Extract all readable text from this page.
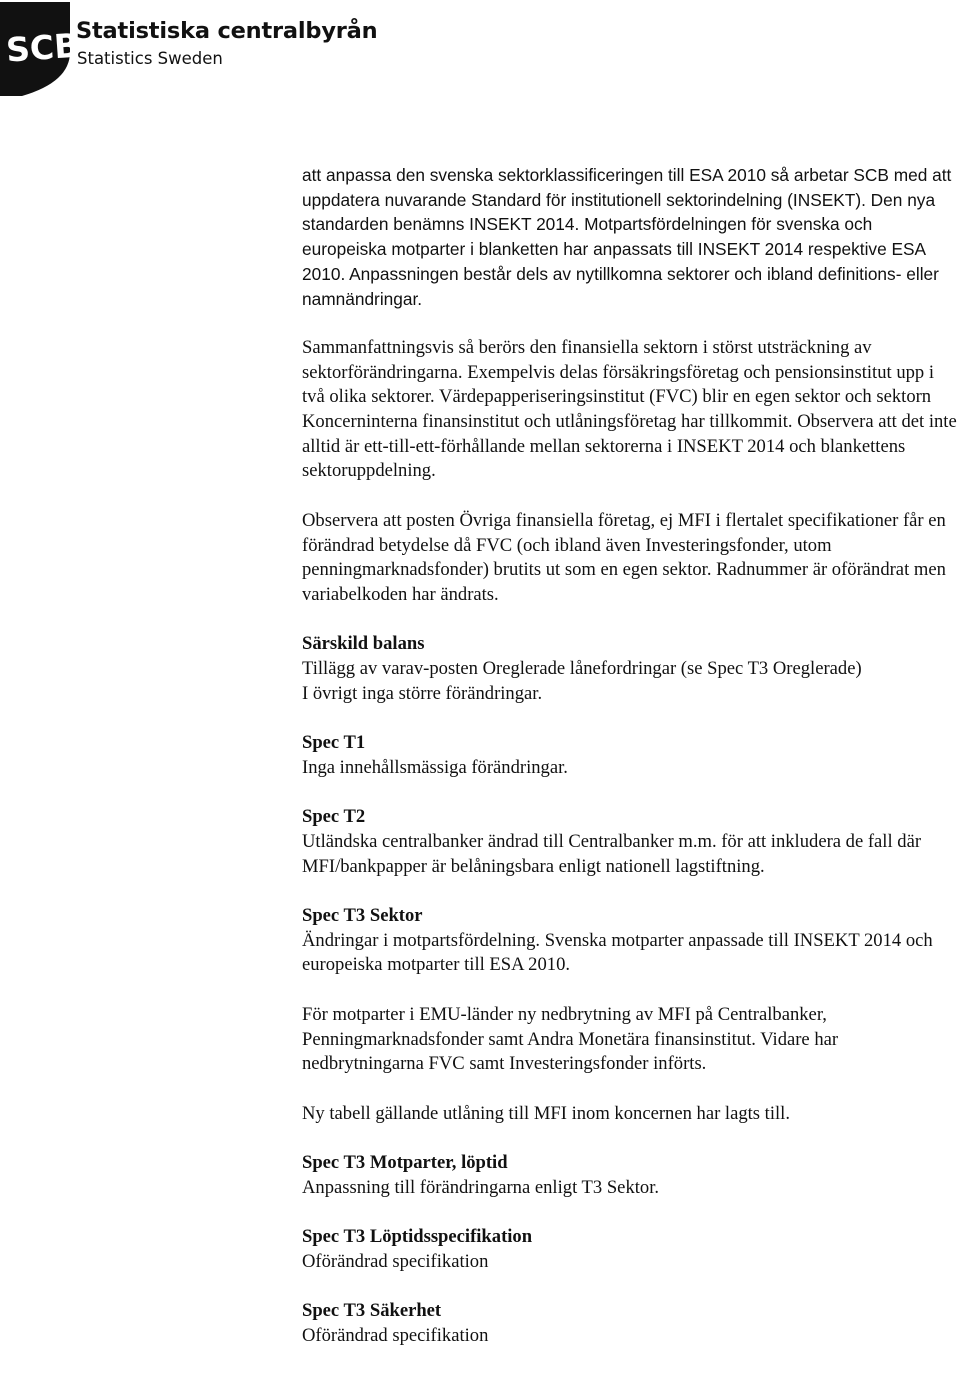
SCB
Statistiska centralbyrån
Statistics Sweden

att anpassa den svenska sektorklassificeringen till ESA 2010 så arbetar SCB med att uppdatera nuvarande Standard för institutionell sektorindelning (INSEKT). Den nya standarden benämns INSEKT 2014. Motpartsfördelningen för svenska och europeiska motparter i blanketten har anpassats till INSEKT 2014 respektive ESA 2010. Anpassningen består dels av nytillkomna sektorer och ibland definitions- eller namnändringar.

Sammanfattningsvis så berörs den finansiella sektorn i störst utsträckning av sektorförändringarna. Exempelvis delas försäkringsföretag och pensionsinstitut upp i två olika sektorer. Värdepapperiseringsinstitut (FVC) blir en egen sektor och sektorn Koncerninterna finansinstitut och utlåningsföretag har tillkommit. Observera att det inte alltid är ett-till-ett-förhållande mellan sektorerna i INSEKT 2014 och blankettens sektoruppdelning.

Observera att posten Övriga finansiella företag, ej MFI i flertalet specifikationer får en förändrad betydelse då FVC (och ibland även Investeringsfonder, utom penningmarknadsfonder) brutits ut som en egen sektor. Radnummer är oförändrat men variabelkoden har ändrats.

Särskild balans
Tillägg av varav-posten Oreglerade lånefordringar (se Spec T3 Oreglerade)
I övrigt inga större förändringar.

Spec T1
Inga innehållsmässiga förändringar.

Spec T2
Utländska centralbanker ändrad till Centralbanker m.m. för att inkludera de fall där MFI/bankpapper är belåningsbara enligt nationell lagstiftning.

Spec T3 Sektor
Ändringar i motpartsfördelning. Svenska motparter anpassade till INSEKT 2014 och europeiska motparter till ESA 2010.

För motparter i EMU-länder ny nedbrytning av MFI på Centralbanker, Penningmarknadsfonder samt Andra Monetära finansinstitut. Vidare har nedbrytningarna FVC samt Investeringsfonder införts.

Ny tabell gällande utlåning till MFI inom koncernen har lagts till.

Spec T3 Motparter, löptid
Anpassning till förändringarna enligt T3 Sektor.

Spec T3 Löptidsspecifikation
Oförändrad specifikation

Spec T3 Säkerhet
Oförändrad specifikation
